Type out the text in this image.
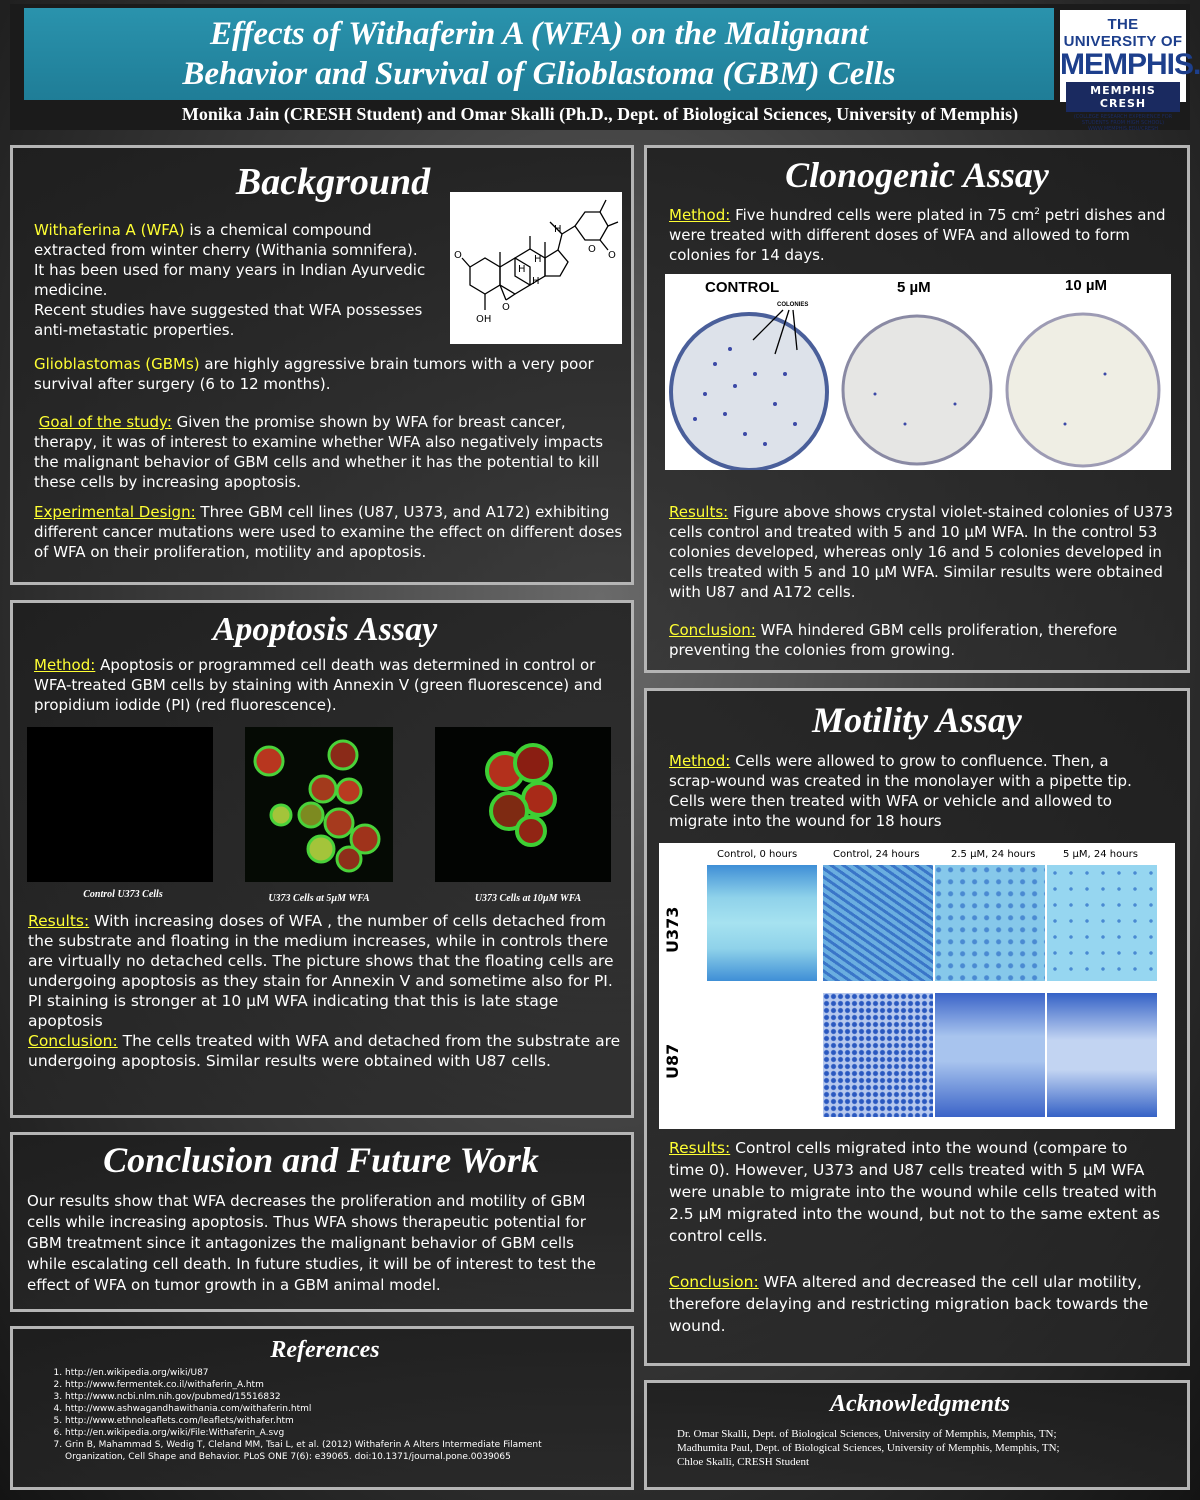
Effects of Withaferin A (WFA) on the Malignant
Behavior and Survival of Glioblastoma (GBM) Cells
THE UNIVERSITY OF
MEMPHIS.
MEMPHIS CRESH
(COLLEGE RESEARCH EXPERIENCE FOR STUDENTS FROM HIGH SCHOOL) WWW.MEMPHIS.EDU/CRESH
Monika Jain (CRESH Student) and Omar Skalli (Ph.D., Dept. of Biological Sciences, University of Memphis)
Background
O
OH
O
H
H
H
H
O
O
Withaferina A (WFA) is a chemical compound extracted from winter cherry (Withania somnifera).
It has been used for many years in Indian Ayurvedic medicine.
Recent studies have suggested that WFA possesses anti-metastatic properties.
Glioblastomas (GBMs) are highly aggressive brain tumors with a very poor survival after surgery (6 to 12 months).
Goal of the study: Given the promise shown by WFA for breast cancer, therapy, it was of interest to examine whether WFA also negatively impacts the malignant behavior of GBM cells and whether it has the potential to kill these cells by increasing apoptosis.
Experimental Design: Three GBM cell lines (U87, U373, and A172) exhibiting different cancer mutations were used to examine the effect on different doses of WFA on their proliferation, motility and apoptosis.
Apoptosis Assay
Method: Apoptosis or programmed cell death was determined in control or WFA-treated GBM cells by staining with Annexin V (green fluorescence) and propidium iodide (PI) (red fluorescence).
Control U373 Cells	U373 Cells at 5µM WFA	U373 Cells at 10µM WFA
Results: With increasing doses of WFA , the number of cells detached from the substrate and floating in the medium increases, while in controls there are virtually no detached cells. The picture shows that the floating cells are undergoing apoptosis as they stain for Annexin V and sometime also for PI. PI staining is stronger at 10 µM WFA indicating that this is late stage apoptosis
Conclusion: The cells treated with WFA and detached from the substrate are undergoing apoptosis. Similar results were obtained with U87 cells.
Conclusion and Future Work
Our results show that WFA decreases the proliferation and motility of GBM cells while increasing apoptosis. Thus WFA shows therapeutic potential for GBM treatment since it antagonizes the malignant behavior of GBM cells while escalating cell death. In future studies, it will be of interest to test the effect of WFA on tumor growth in a GBM animal model.
References
1. http://en.wikipedia.org/wiki/U87
2. http://www.fermentek.co.il/withaferin_A.htm
3. http://www.ncbi.nlm.nih.gov/pubmed/15516832
4. http://www.ashwagandhawithania.com/withaferin.html
5. http://www.ethnoleaflets.com/leaflets/withafer.htm
6. http://en.wikipedia.org/wiki/File:Withaferin_A.svg
7. Grin B, Mahammad S, Wedig T, Cleland MM, Tsai L, et al. (2012) Withaferin A Alters Intermediate Filament Organization, Cell Shape and Behavior. PLoS ONE 7(6): e39065. doi:10.1371/journal.pone.0039065
Clonogenic Assay
Method: Five hundred cells were plated in 75 $cm^2$ petri dishes and were treated with different doses of WFA and allowed to form colonies for 14 days.
CONTROL	5 µM	10 µM
COLONIES
Results: Figure above shows crystal violet-stained colonies of U373 cells control and treated with 5 and 10 µM WFA. In the control 53 colonies developed, whereas only 16 and 5 colonies developed in cells treated with 5 and 10 µM WFA. Similar results were obtained with U87 and A172 cells.
Conclusion: WFA hindered GBM cells proliferation, therefore preventing the colonies from growing.
Motility Assay
Method: Cells were allowed to grow to confluence. Then, a scrap-wound was created in the monolayer with a pipette tip. Cells were then treated with WFA or vehicle and allowed to migrate into the wound for 18 hours
Control, 0 hours	Control, 24 hours	2.5 µM, 24 hours	5 µM, 24 hours
U373
U87
Results: Control cells migrated into the wound (compare to time 0). However, U373 and U87 cells treated with 5 µM WFA were unable to migrate into the wound while cells treated with 2.5 µM migrated into the wound, but not to the same extent as control cells.
Conclusion: WFA altered and decreased the cell ular motility, therefore delaying and restricting migration back towards the wound.
Acknowledgments
Dr. Omar Skalli, Dept. of Biological Sciences, University of Memphis, Memphis, TN;
Madhumita Paul, Dept. of Biological Sciences, University of Memphis, Memphis, TN;
Chloe Skalli, CRESH Student
